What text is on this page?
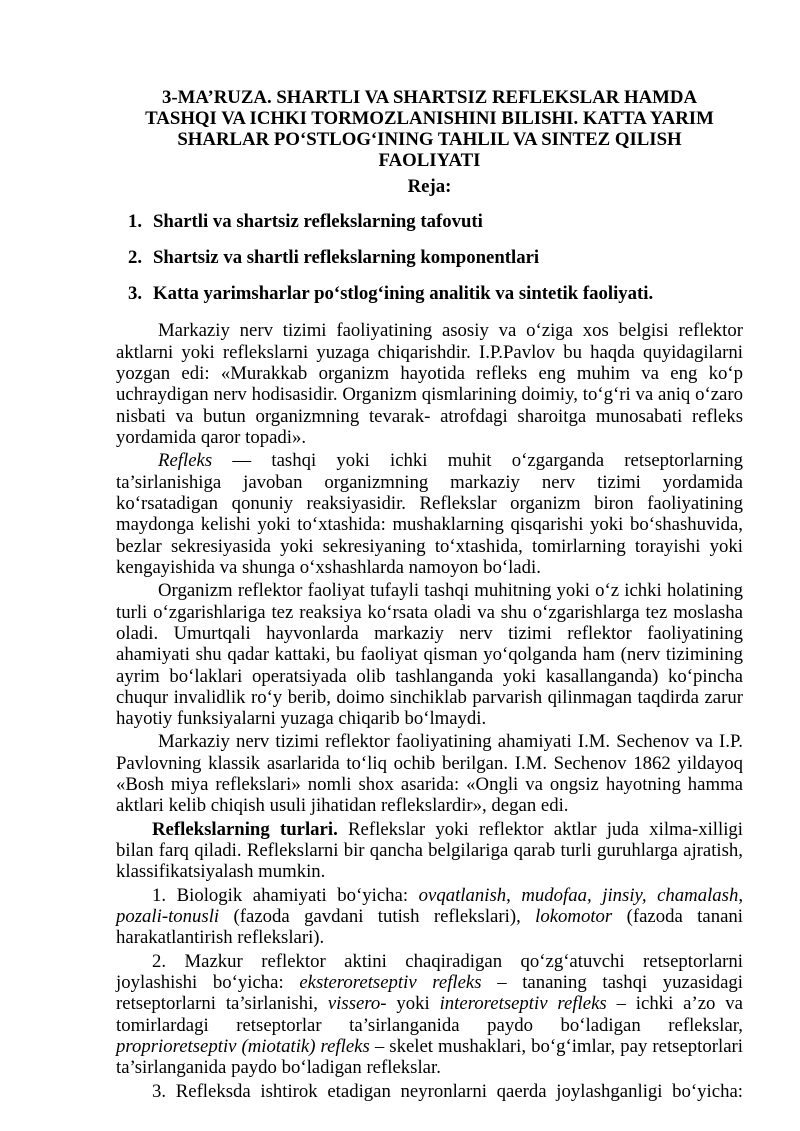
3-MA’RUZA. SHARTLI VA SHARTSIZ REFLEKSLAR HAMDA
TASHQI VA ICHKI TORMOZLANISHINI BILISHI. KATTA YARIM
SHARLAR PO‘STLOG‘INING TAHLIL VA SINTEZ QILISH
FAOLIYATI
Reja:
1. Shartli va shartsiz reflekslarning tafovuti
2. Shartsiz va shartli reflekslarning komponentlari
3. Katta yarimsharlar po‘stlog‘ining analitik va sintetik faoliyati.

Markaziy nerv tizimi faoliyatining asosiy va o‘ziga xos belgisi reflektor aktlarni yoki reflekslarni yuzaga chiqarishdir. I.P.Pavlov bu haqda quyidagilarni yozgan edi: «Murakkab organizm hayotida refleks eng muhim va eng ko‘p uchraydigan nerv hodisasidir. Organizm qismlarining doimiy, to‘g‘ri va aniq o‘zaro nisbati va butun organizmning tevarak- atrofdagi sharoitga munosabati refleks yordamida qaror topadi».

Refleks — tashqi yoki ichki muhit o‘zgarganda retseptorlarning ta’sirlanishiga javoban organizmning markaziy nerv tizimi yordamida ko‘rsatadigan qonuniy reaksiyasidir. Reflekslar organizm biron faoliyatining maydonga kelishi yoki to‘xtashida: mushaklarning qisqarishi yoki bo‘shashuvida, bezlar sekresiyasida yoki sekresiyaning to‘xtashida, tomirlarning torayishi yoki kengayishida va shunga o‘xshashlarda namoyon bo‘ladi.

Organizm reflektor faoliyat tufayli tashqi muhitning yoki o‘z ichki holatining turli o‘zgarishlariga tez reaksiya ko‘rsata oladi va shu o‘zgarishlarga tez moslasha oladi. Umurtqali hayvonlarda markaziy nerv tizimi reflektor faoliyatining ahamiyati shu qadar kattaki, bu faoliyat qisman yo‘qolganda ham (nerv tizimining ayrim bo‘laklari operatsiyada olib tashlanganda yoki kasallanganda) ko‘pincha chuqur invalidlik ro‘y berib, doimo sinchiklab parvarish qilinmagan taqdirda zarur hayotiy funksiyalarni yuzaga chiqarib bo‘lmaydi.

Markaziy nerv tizimi reflektor faoliyatining ahamiyati I.M. Sechenov va I.P. Pavlovning klassik asarlarida to‘liq ochib berilgan. I.M. Sechenov 1862 yildayoq «Bosh miya reflekslari» nomli shox asarida: «Ongli va ongsiz hayotning hamma aktlari kelib chiqish usuli jihatidan reflekslardir», degan edi.

Reflekslarning turlari. Reflekslar yoki reflektor aktlar juda xilma-xilligi bilan farq qiladi. Reflekslarni bir qancha belgilariga qarab turli guruhlarga ajratish, klassifikatsiyalash mumkin.

1. Biologik ahamiyati bo‘yicha: ovqatlanish, mudofaa, jinsiy, chamalash, pozali-tonusli (fazoda gavdani tutish reflekslari), lokomotor (fazoda tanani harakatlantirish reflekslari).

2. Mazkur reflektor aktini chaqiradigan qo‘zg‘atuvchi retseptorlarni joylashishi bo‘yicha: eksteroretseptiv refleks – tananing tashqi yuzasidagi retseptorlarni ta’sirlanishi, vissero- yoki interoretseptiv refleks – ichki a’zo va tomirlardagi retseptorlar ta’sirlanganida paydo bo‘ladigan reflekslar, proprioretseptiv (miotatik) refleks – skelet mushaklari, bo‘g‘imlar, pay retseptorlari ta’sirlanganida paydo bo‘ladigan reflekslar.

3. Refleksda ishtirok etadigan neyronlarni qaerda joylashganligi bo‘yicha:
